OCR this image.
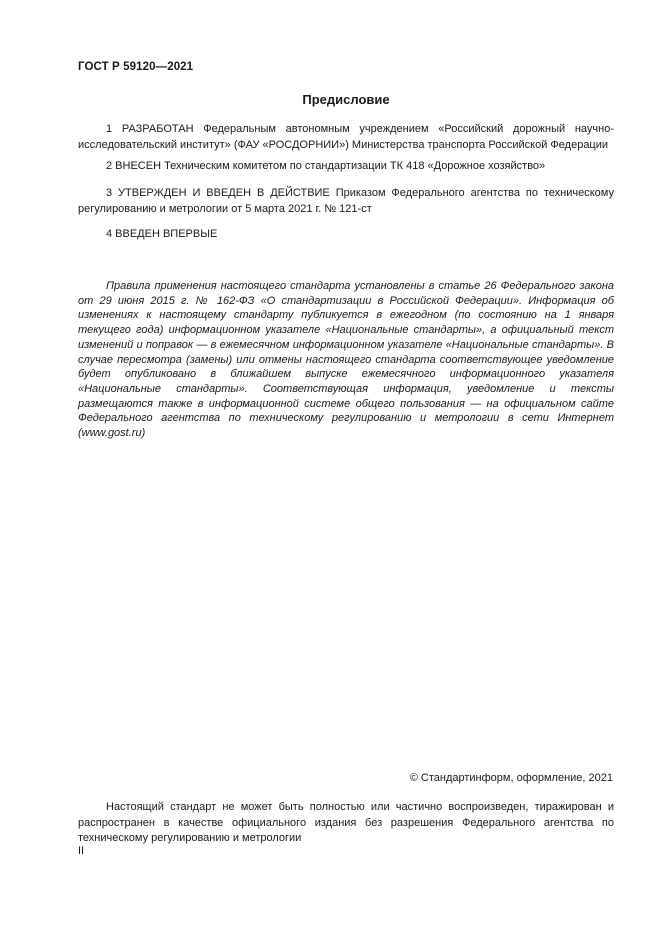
ГОСТ Р 59120—2021
Предисловие

1 РАЗРАБОТАН Федеральным автономным учреждением «Российский дорожный научно-исследовательский институт» (ФАУ «РОСДОРНИИ») Министерства транспорта Российской Федерации

2 ВНЕСЕН Техническим комитетом по стандартизации ТК 418 «Дорожное хозяйство»

3 УТВЕРЖДЕН И ВВЕДЕН В ДЕЙСТВИЕ Приказом Федерального агентства по техническому регулированию и метрологии от 5 марта 2021 г. № 121-ст

4 ВВЕДЕН ВПЕРВЫЕ

Правила применения настоящего стандарта установлены в статье 26 Федерального закона от 29 июня 2015 г. № 162-ФЗ «О стандартизации в Российской Федерации». Информация об изменениях к настоящему стандарту публикуется в ежегодном (по состоянию на 1 января текущего года) информационном указателе «Национальные стандарты», а официальный текст изменений и поправок — в ежемесячном информационном указателе «Национальные стандарты». В случае пересмотра (замены) или отмены настоящего стандарта соответствующее уведомление будет опубликовано в ближайшем выпуске ежемесячного информационного указателя «Национальные стандарты». Соответствующая информация, уведомление и тексты размещаются также в информационной системе общего пользования — на официальном сайте Федерального агентства по техническому регулированию и метрологии в сети Интернет (www.gost.ru)

© Стандартинформ, оформление, 2021

Настоящий стандарт не может быть полностью или частично воспроизведен, тиражирован и распространен в качестве официального издания без разрешения Федерального агентства по техническому регулированию и метрологии

II
